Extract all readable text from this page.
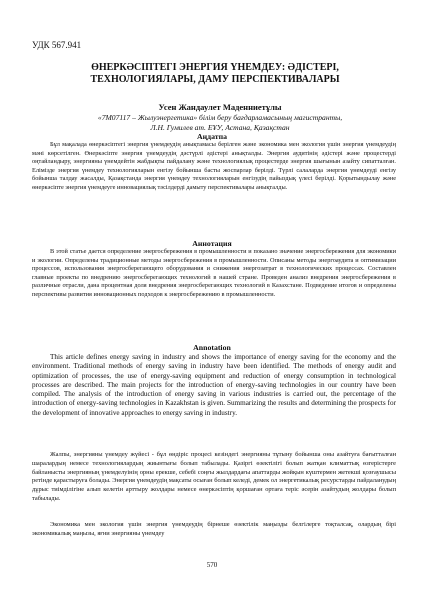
УДК 567.941
ӨНЕРКӘСІПТЕГІ ЭНЕРГИЯ ҮНЕМДЕУ: ӘДІСТЕРІ, ТЕХНОЛОГИЯЛАРЫ, ДАМУ ПЕРСПЕКТИВАЛАРЫ
Усен Жандаулет Маденниетұлы
«7M07117 – Жылуэнергетика» білім беру бағдарламасының магистранты,
Л.Н. Гумилев ат. ЕҰУ, Астана, Қазақстан
Аңдатпа
Бұл мақалада өнеркәсіптегі энергия үнемдеудің анықтамасы берілген және экономика мен экология үшін энергия үнемдеудің мәні көрсетілген. Өнеркәсіпте энергия үнемдеудің дәстүрлі әдістері анықталды. Энергия аудитінің әдістері және процестерді оңтайландыру, энергияны үнемдейтін жабдықты пайдалану және технологиялық процестерде энергия шығынын азайту сипатталған. Елімізде энергия үнемдеу технологияларын енгізу бойынша басты жоспарлар берілді. Түрлі салаларда энергия үнемдеуді енгізу бойынша талдау жасалды, Қазақстанда энергия үнемдеу технологияларын енгізудің пайыздық үлесі берілді. Қорытындылау және өнеркәсіпте энергия үнемдеуге инновациялық тәсілдерді дамыту перспективалары анықталды.
Аннотация
В этой статье дается определение энергосбережения в промышленности и показано значение энергосбережения для экономики и экологии. Определены традиционные методы энергосбережения в промышленности. Описаны методы энергоаудита и оптимизации процессов, использования энергосберегающего оборудования и снижения энергозатрат в технологических процессах. Составлен главные проекты по внедрению энергосберегающих технологий в нашей стране. Проведен анализ внедрения энергосбережения в различные отрасли, дана процентная доля внедрения энергосберегающих технологий в Казахстане. Подведение итогов и определены перспективы развития инновационных подходов к энергосбережению в промышленности.
Annotation
This article defines energy saving in industry and shows the importance of energy saving for the economy and the environment. Traditional methods of energy saving in industry have been identified. The methods of energy audit and optimization of processes, the use of energy-saving equipment and reduction of energy consumption in technological processes are described. The main projects for the introduction of energy-saving technologies in our country have been compiled. The analysis of the introduction of energy saving in various industries is carried out, the percentage of the introduction of energy-saving technologies in Kazakhstan is given. Summarizing the results and determining the prospects for the development of innovative approaches to energy saving in industry.
Жалпы, энергияны үнемдеу жүйесі - бұл өндіріс процесі кезіндегі энергияны тұтыну бойынша оны азайтуға бағытталған шаралардың немесе технологиялардың жиынтығы болып табылады. Қазіргі өзектілігі болып жатқан климаттық өзгерістерге байланысты энергияның үнемделуінің орны ерекше, себебі соңғы жылдардағы апаттарды жойқын күштермен жетекші қозғаушысы ретінде қарастыруға болады. Энергия үнемдеудің мақсаты осыған болып келеді, демек ол энергетикалық ресурстарды пайдаланудың дұрыс тиімділігіне алып келетін арттыру жолдары немесе өнеркәсіптің қоршаған ортаға теріс әсерін азайтудың жолдары болып табылады.
Экономика мен экология үшін энергия үнемдеудің бірнеше өзектілік маңызды белгілерге тоқталсақ, олардың бірі экономикалық маңызы, яғни энергияны үнемдеу
570
